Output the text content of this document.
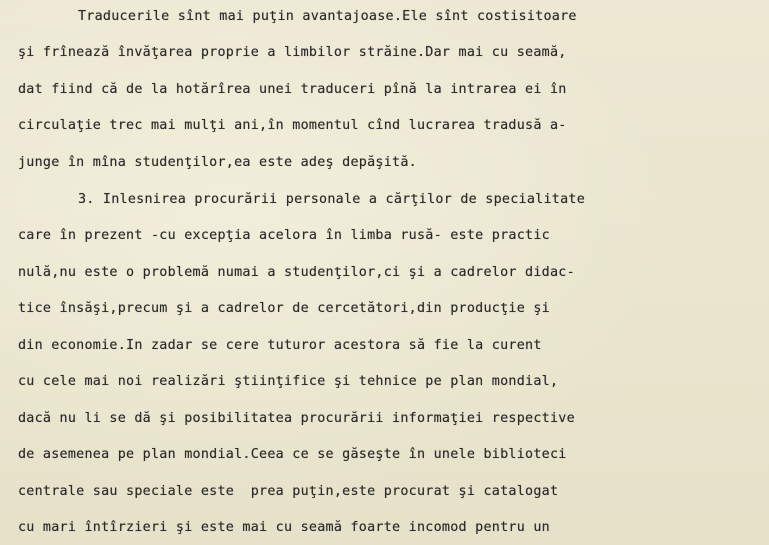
Traducerile sînt mai puţin avantajoase.Ele sînt costisitoare
şi frînează învăţarea proprie a limbilor străine.Dar mai cu seamă,
dat fiind că de la hotărîrea unei traduceri pînă la intrarea ei în
circulaţie trec mai mulţi ani,în momentul cînd lucrarea tradusă a-
junge în mîna studenţilor,ea este adeş depăşită.
3. Inlesnirea procurării personale a cărţilor de specialitate
care în prezent -cu excepţia acelora în limba rusă- este practic
nulă,nu este o problemă numai a studenţilor,ci şi a cadrelor didac-
tice însăşi,precum şi a cadrelor de cercetători,din producţie şi
din economie.In zadar se cere tuturor acestora să fie la curent
cu cele mai noi realizări ştiinţifice şi tehnice pe plan mondial,
dacă nu li se dă şi posibilitatea procurării informaţiei respective
de asemenea pe plan mondial.Ceea ce se găseşte în unele biblioteci
centrale sau speciale este  prea puţin,este procurat şi catalogat
cu mari întîrzieri şi este mai cu seamă foarte incomod pentru un
